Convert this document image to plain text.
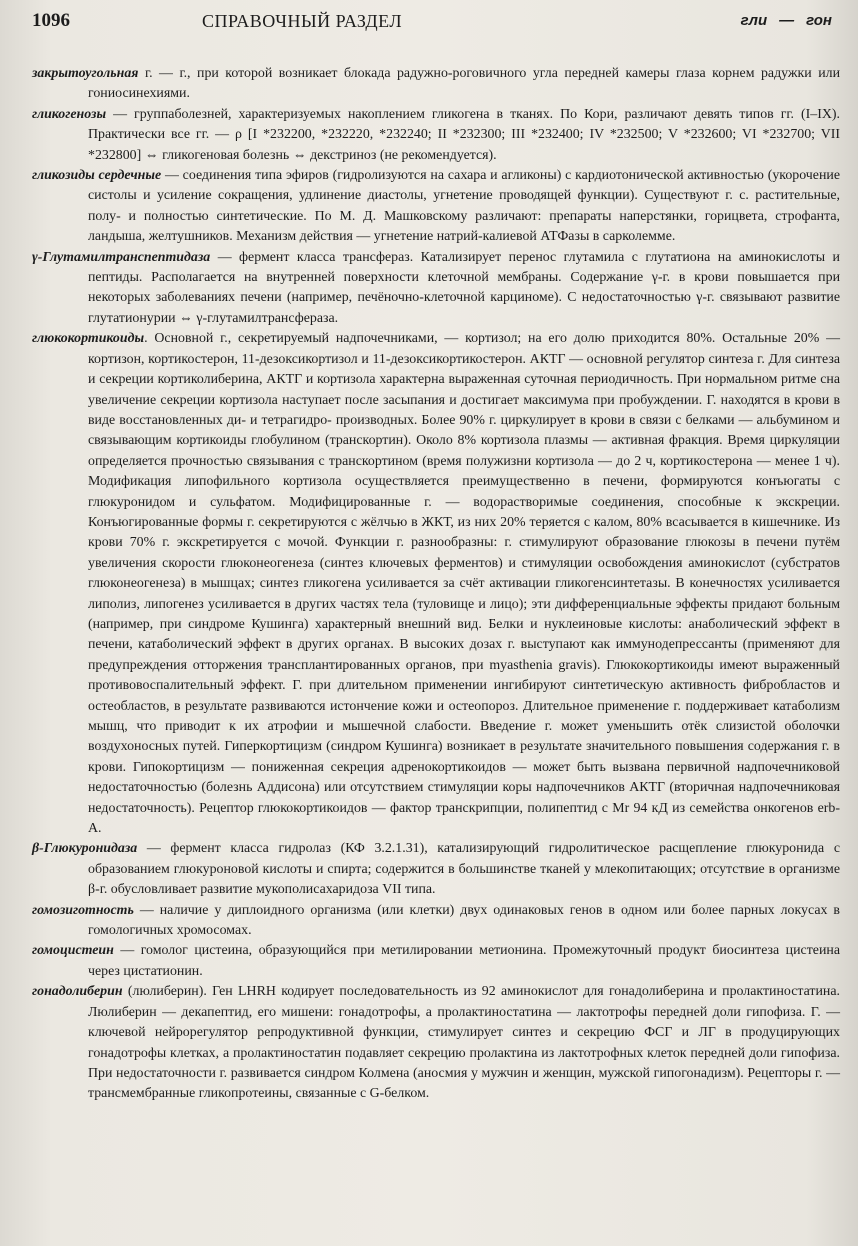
1096	СПРАВОЧНЫЙ РАЗДЕЛ	гли — гон

закрытоугольная г. — г., при которой возникает блокада радужно-роговичного угла передней камеры глаза корнем радужки или гониосинехиями.

гликогенозы — группаболезней, характеризуемых накоплением гликогена в тканях. По Кори, различают девять типов гг. (I–IX). Практически все гг. — ρ [I *232200, *232220, *232240; II *232300; III *232400; IV *232500; V *232600; VI *232700; VII *232800] ⇔ гликогеновая болезнь ⇔ декстриноз (не рекомендуется).

гликозиды сердечные — соединения типа эфиров (гидролизуются на сахара и агликоны) с кардиотонической активностью (укорочение систолы и усиление сокращения, удлинение диастолы, угнетение проводящей функции). Существуют г. с. растительные, полу- и полностью синтетические. По М. Д. Машковскому различают: препараты наперстянки, горицвета, строфанта, ландыша, желтушников. Механизм действия — угнетение натрий-калиевой АТФазы в сарколемме.

γ-Глутамилтранспептидаза — фермент класса трансфераз. Катализирует перенос глутамила с глутатиона на аминокислоты и пептиды. Располагается на внутренней поверхности клеточной мембраны. Содержание γ-г. в крови повышается при некоторых заболеваниях печени (например, печёночно-клеточной карциноме). С недостаточностью γ-г. связывают развитие глутатионурии ⇔ γ-глутамилтрансфераза.

глюкокортикоиды. Основной г., секретируемый надпочечниками, — кортизол; на его долю приходится 80%. Остальные 20% — кортизон, кортикостерон, 11-дезоксикортизол и 11-дезоксикортикостерон. АКТГ — основной регулятор синтеза г. Для синтеза и секреции кортиколиберина, АКТГ и кортизола характерна выраженная суточная периодичность. При нормальном ритме сна увеличение секреции кортизола наступает после засыпания и достигает максимума при пробуждении. Г. находятся в крови в виде восстановленных ди- и тетрагидро- производных. Более 90% г. циркулирует в крови в связи с белками — альбумином и связывающим кортикоиды глобулином (транскортин). Около 8% кортизола плазмы — активная фракция. Время циркуляции определяется прочностью связывания с транскортином (время полужизни кортизола — до 2 ч, кортикостерона — менее 1 ч). Модификация липофильного кортизола осуществляется преимущественно в печени, формируются конъюгаты с глюкуронидом и сульфатом. Модифицированные г. — водорастворимые соединения, способные к экскреции. Конъюгированные формы г. секретируются с жёлчью в ЖКТ, из них 20% теряется с калом, 80% всасывается в кишечнике. Из крови 70% г. экскретируется с мочой. Функции г. разнообразны: г. стимулируют образование глюкозы в печени путём увеличения скорости глюконеогенеза (синтез ключевых ферментов) и стимуляции освобождения аминокислот (субстратов глюконеогенеза) в мышцах; синтез гликогена усиливается за счёт активации гликогенсинтетазы. В конечностях усиливается липолиз, липогенез усиливается в других частях тела (туловище и лицо); эти дифференциальные эффекты придают больным (например, при синдроме Кушинга) характерный внешний вид. Белки и нуклеиновые кислоты: анаболический эффект в печени, катаболический эффект в других органах. В высоких дозах г. выступают как иммунодепрессанты (применяют для предупреждения отторжения трансплантированных органов, при myasthenia gravis). Глюкокортикоиды имеют выраженный противовоспалительный эффект. Г. при длительном применении ингибируют синтетическую активность фибробластов и остеобластов, в результате развиваются истончение кожи и остеопороз. Длительное применение г. поддерживает катаболизм мышц, что приводит к их атрофии и мышечной слабости. Введение г. может уменьшить отёк слизистой оболочки воздухоносных путей. Гиперкортицизм (синдром Кушинга) возникает в результате значительного повышения содержания г. в крови. Гипокортицизм — пониженная секреция адренокортикоидов — может быть вызвана первичной надпочечниковой недостаточностью (болезнь Аддисона) или отсутствием стимуляции коры надпочечников АКТГ (вторичная надпочечниковая недостаточность). Рецептор глюкокортикоидов — фактор транскрипции, полипептид с Mr 94 кД из семейства онкогенов erb-A.

β-Глюкуронидаза — фермент класса гидролаз (КФ 3.2.1.31), катализирующий гидролитическое расщепление глюкуронида с образованием глюкуроновой кислоты и спирта; содержится в большинстве тканей у млекопитающих; отсутствие в организме β-г. обусловливает развитие мукополисахаридоза VII типа.

гомозиготность — наличие у диплоидного организма (или клетки) двух одинаковых генов в одном или более парных локусах в гомологичных хромосомах.

гомоцистеин — гомолог цистеина, образующийся при метилировании метионина. Промежуточный продукт биосинтеза цистеина через цистатионин.

гонадолиберин (люлиберин). Ген LHRH кодирует последовательность из 92 аминокислот для гонадолиберина и пролактиностатина. Люлиберин — декапептид, его мишени: гонадотрофы, а пролактиностатина — лактотрофы передней доли гипофиза. Г. — ключевой нейрорегулятор репродуктивной функции, стимулирует синтез и секрецию ФСГ и ЛГ в продуцирующих гонадотрофы клетках, а пролактиностатин подавляет секрецию пролактина из лактотрофных клеток передней доли гипофиза. При недостаточности г. развивается синдром Колмена (аносмия у мужчин и женщин, мужской гипогонадизм). Рецепторы г. — трансмембранные гликопротеины, связанные с G-белком.
